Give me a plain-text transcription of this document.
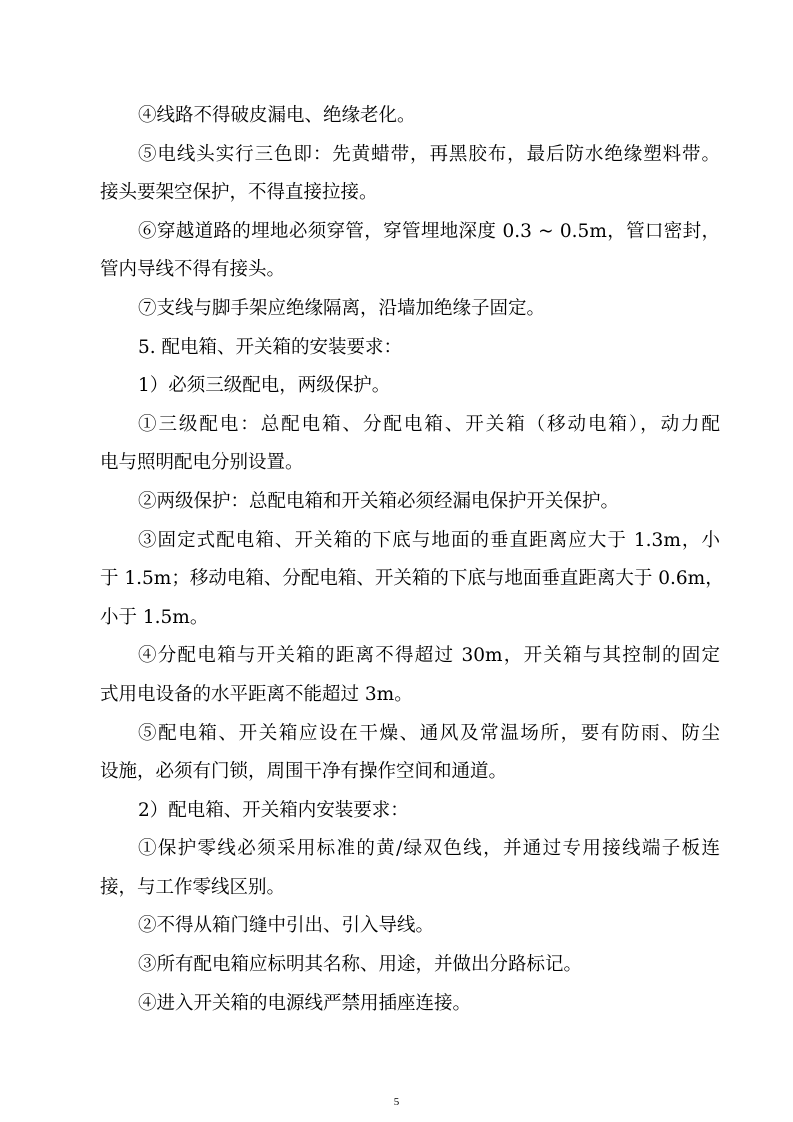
④线路不得破皮漏电、绝缘老化。
⑤电线头实行三色即：先黄蜡带，再黑胶布，最后防水绝缘塑料带。
接头要架空保护，不得直接拉接。
⑥穿越道路的埋地必须穿管，穿管埋地深度 0.3 ~ 0.5m，管口密封，
管内导线不得有接头。
⑦支线与脚手架应绝缘隔离，沿墙加绝缘子固定。
5. 配电箱、开关箱的安装要求：
1）必须三级配电，两级保护。
①三级配电：总配电箱、分配电箱、开关箱（移动电箱），动力配
电与照明配电分别设置。
②两级保护：总配电箱和开关箱必须经漏电保护开关保护。
③固定式配电箱、开关箱的下底与地面的垂直距离应大于 1.3m，小
于 1.5m；移动电箱、分配电箱、开关箱的下底与地面垂直距离大于 0.6m，
小于 1.5m。
④分配电箱与开关箱的距离不得超过 30m，开关箱与其控制的固定
式用电设备的水平距离不能超过 3m。
⑤配电箱、开关箱应设在干燥、通风及常温场所，要有防雨、防尘
设施，必须有门锁，周围干净有操作空间和通道。
2）配电箱、开关箱内安装要求：
①保护零线必须采用标准的黄/绿双色线，并通过专用接线端子板连
接，与工作零线区别。
②不得从箱门缝中引出、引入导线。
③所有配电箱应标明其名称、用途，并做出分路标记。
④进入开关箱的电源线严禁用插座连接。
5
